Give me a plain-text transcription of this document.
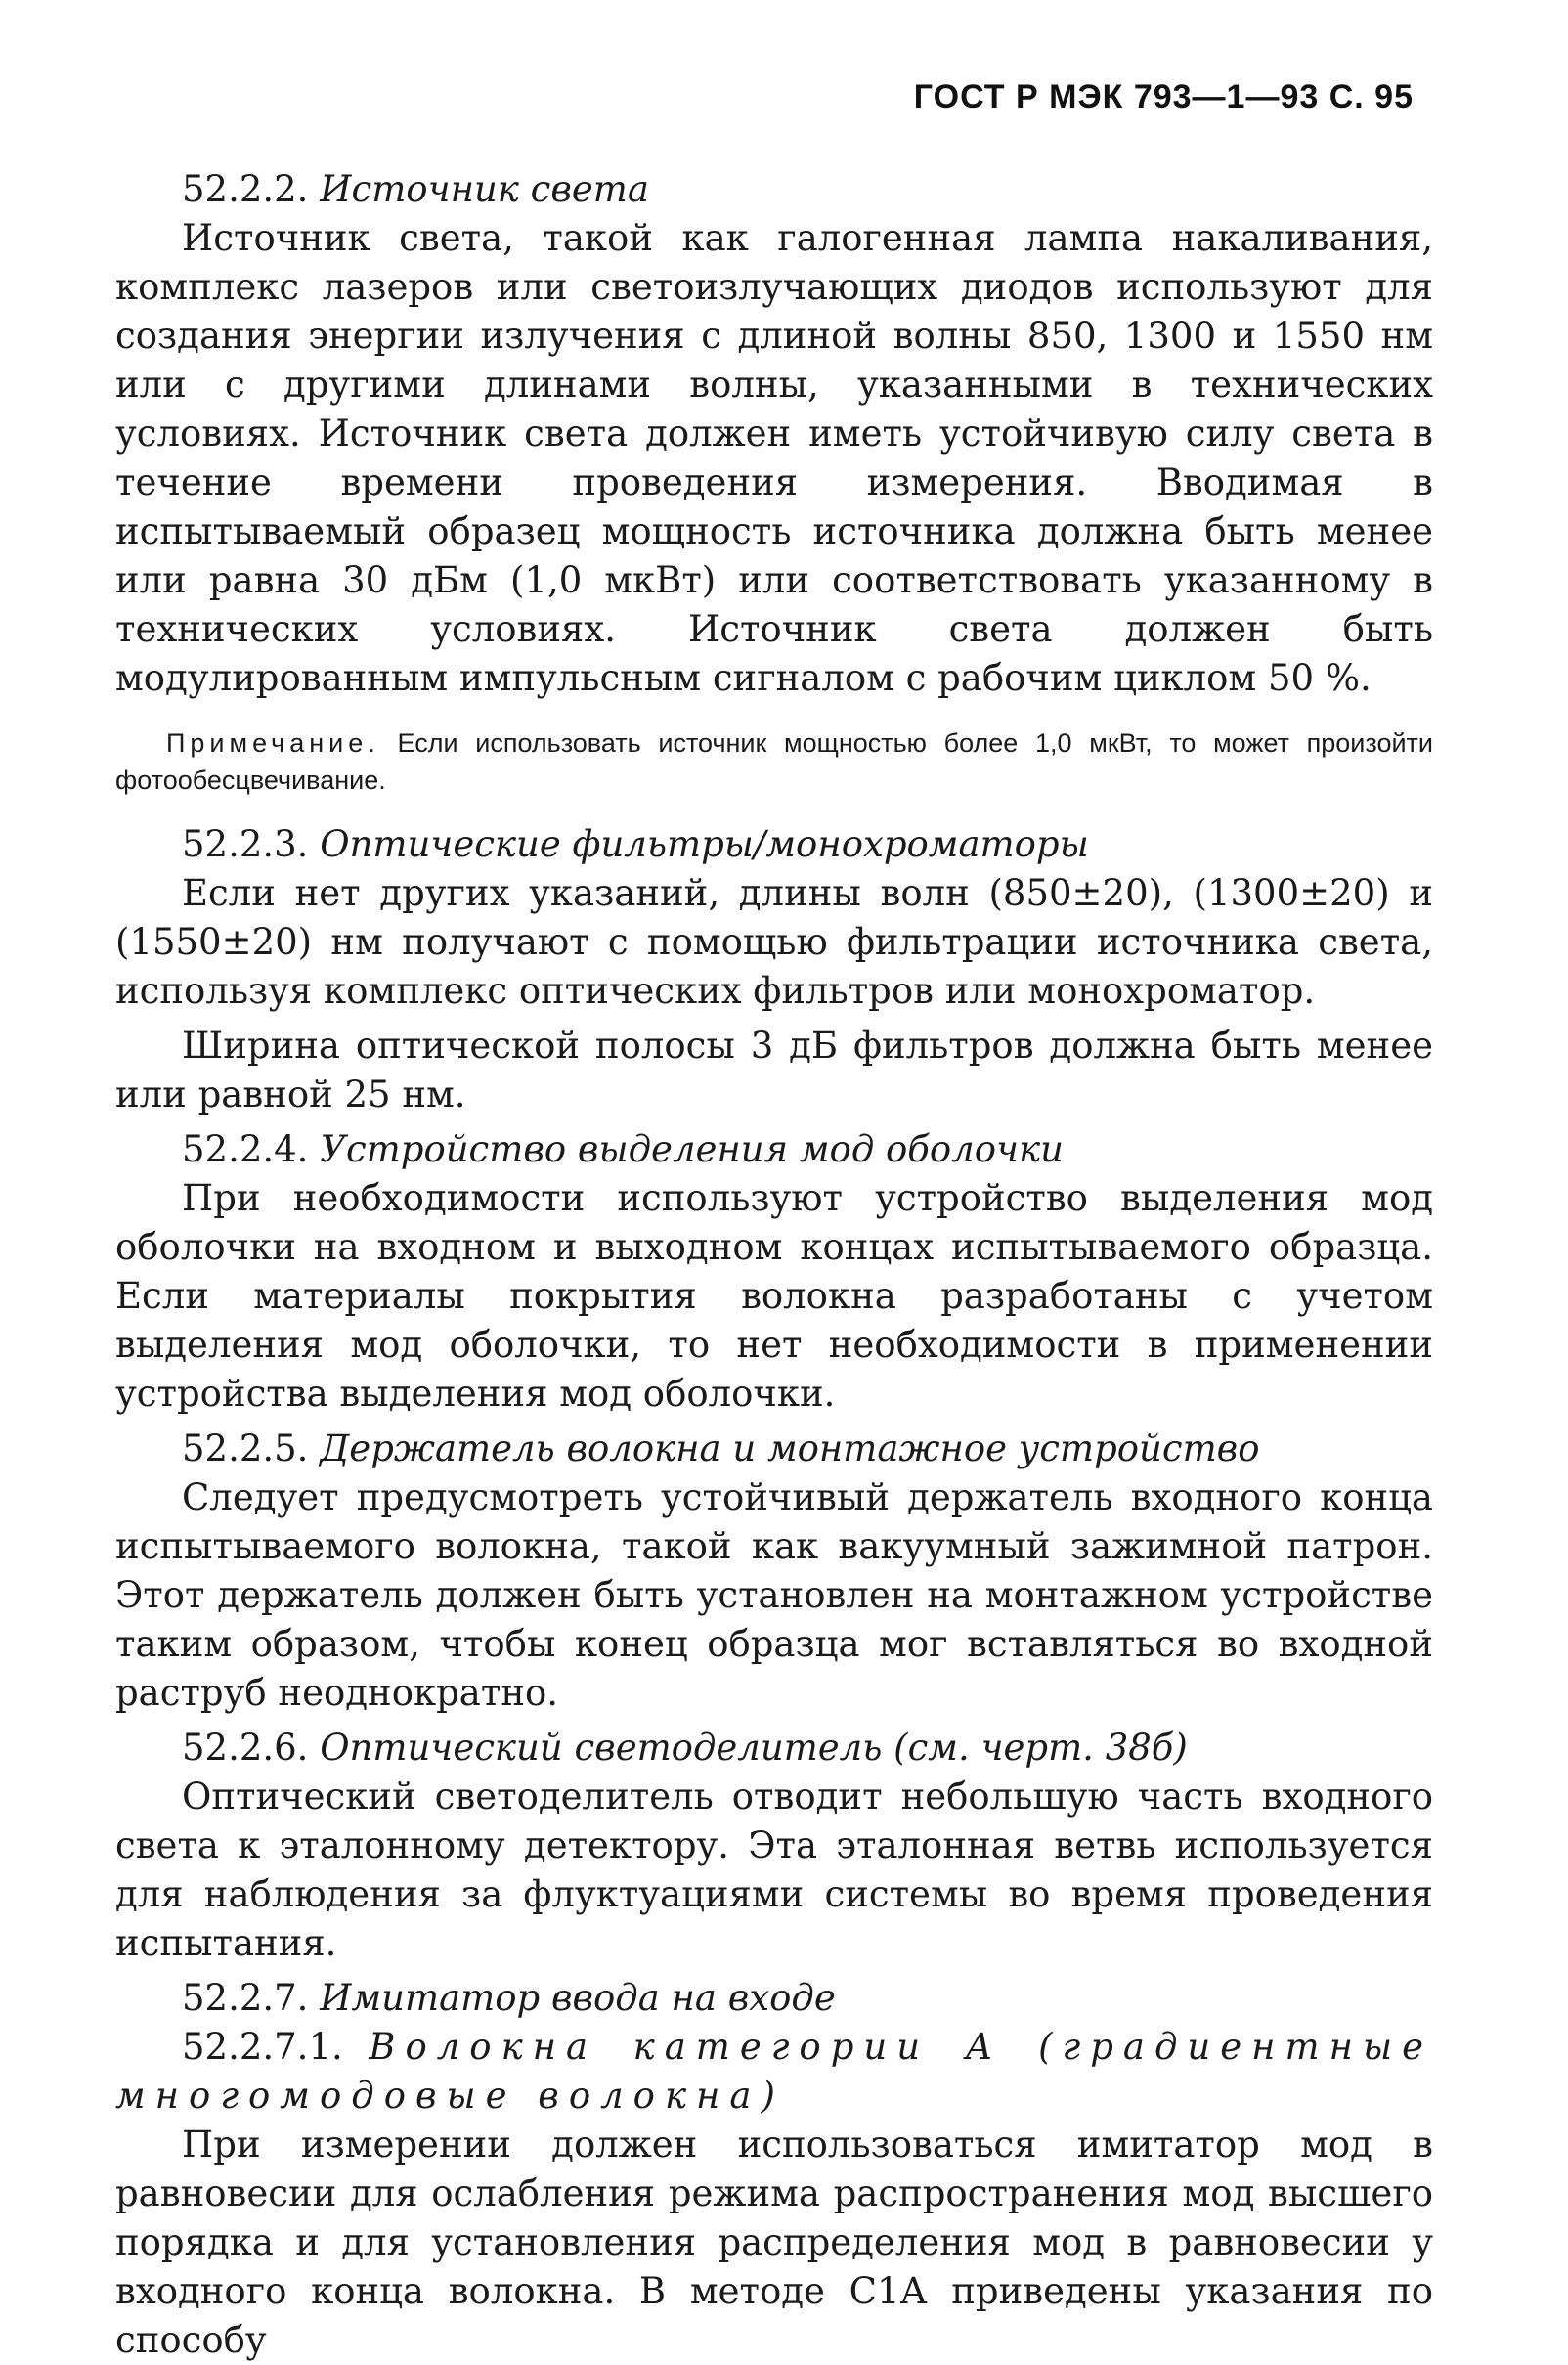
ГОСТ Р МЭК 793—1—93 С. 95
52.2.2. Источник света

Источник света, такой как галогенная лампа накаливания, комплекс лазеров или светоизлучающих диодов используют для создания энергии излучения с длиной волны 850, 1300 и 1550 нм или с другими длинами волны, указанными в технических условиях. Источник света должен иметь устойчивую силу света в течение времени проведения измерения. Вводимая в испытываемый образец мощность источника должна быть менее или равна 30 дБм (1,0 мкВт) или соответствовать указанному в технических условиях. Источник света должен быть модулированным импульсным сигналом с рабочим циклом 50 %.

Примечание. Если использовать источник мощностью более 1,0 мкВт, то может произойти фотообесцвечивание.

52.2.3. Оптические фильтры/монохроматоры

Если нет других указаний, длины волн (850±20), (1300±20) и (1550±20) нм получают с помощью фильтрации источника света, используя комплекс оптических фильтров или монохроматор.

Ширина оптической полосы 3 дБ фильтров должна быть менее или равной 25 нм.

52.2.4. Устройство выделения мод оболочки

При необходимости используют устройство выделения мод оболочки на входном и выходном концах испытываемого образца. Если материалы покрытия волокна разработаны с учетом выделения мод оболочки, то нет необходимости в применении устройства выделения мод оболочки.

52.2.5. Держатель волокна и монтажное устройство

Следует предусмотреть устойчивый держатель входного конца испытываемого волокна, такой как вакуумный зажимной патрон. Этот держатель должен быть установлен на монтажном устройстве таким образом, чтобы конец образца мог вставляться во входной раструб неоднократно.

52.2.6. Оптический светоделитель (см. черт. 38б)

Оптический светоделитель отводит небольшую часть входного света к эталонному детектору. Эта эталонная ветвь используется для наблюдения за флуктуациями системы во время проведения испытания.

52.2.7. Имитатор ввода на входе
52.2.7.1. Волокна категории А (градиентные многомодовые волокна)

При измерении должен использоваться имитатор мод в равновесии для ослабления режима распространения мод высшего порядка и для установления распределения мод в равновесии у входного конца волокна. В методе С1А приведены указания по способу
